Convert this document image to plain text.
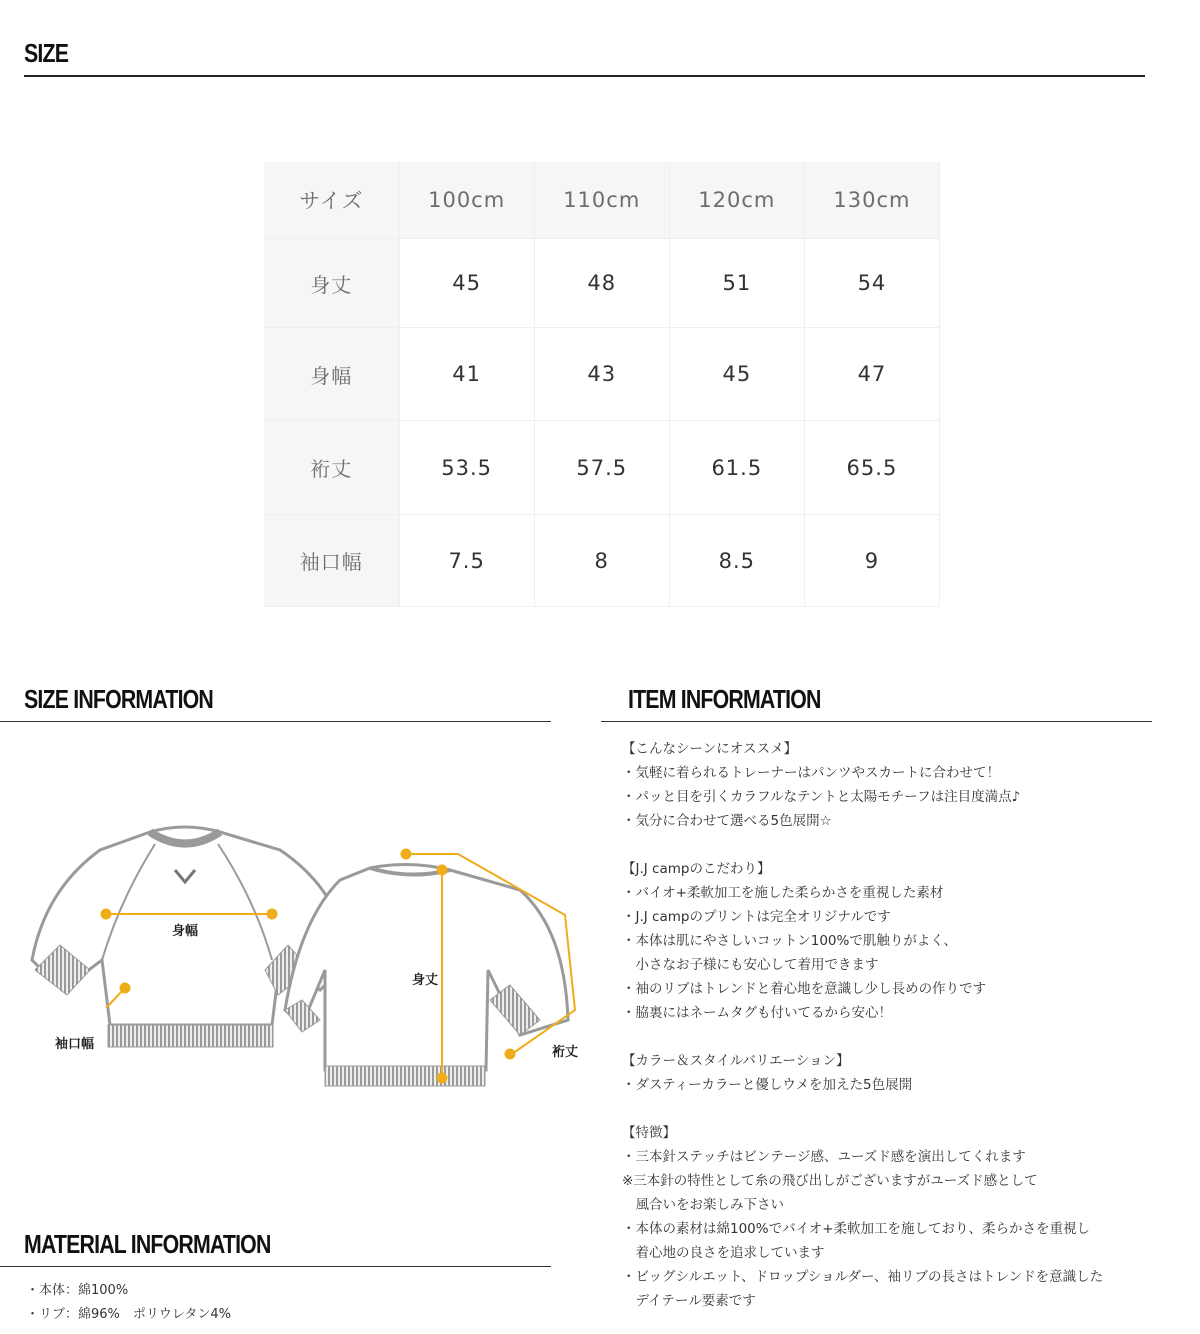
SIZE
サイズ	100cm	110cm	120cm	130cm
身丈	45	48	51	54
身幅	41	43	45	47
裄丈	53.5	57.5	61.5	65.5
袖口幅	7.5	8	8.5	9
SIZE INFORMATION	ITEM INFORMATION
身幅
袖口幅
身丈
裄丈
【こんなシーンにオススメ】
・気軽に着られるトレーナーはパンツやスカートに合わせて！
・パッと目を引くカラフルなテントと太陽モチーフは注目度満点♪
・気分に合わせて選べる5色展開☆
【J.J campのこだわり】
・バイオ+柔軟加工を施した柔らかさを重視した素材
・J.J campのプリントは完全オリジナルです
・本体は肌にやさしいコットン100%で肌触りがよく、
　小さなお子様にも安心して着用できます
・袖のリブはトレンドと着心地を意識し少し長めの作りです
・脇裏にはネームタグも付いてるから安心！
【カラー＆スタイルバリエーション】
・ダスティーカラーと優しウメを加えた5色展開
【特徴】
・三本針ステッチはビンテージ感、ユーズド感を演出してくれます
※三本針の特性として糸の飛び出しがございますがユーズド感として
　風合いをお楽しみ下さい
・本体の素材は綿100%でバイオ+柔軟加工を施しており、柔らかさを重視し
　着心地の良さを追求しています
・ビッグシルエット、ドロップショルダー、袖リブの長さはトレンドを意識した
　デイテール要素です
MATERIAL INFORMATION
・本体：綿100%
・リブ：綿96%　ポリウレタン4%
